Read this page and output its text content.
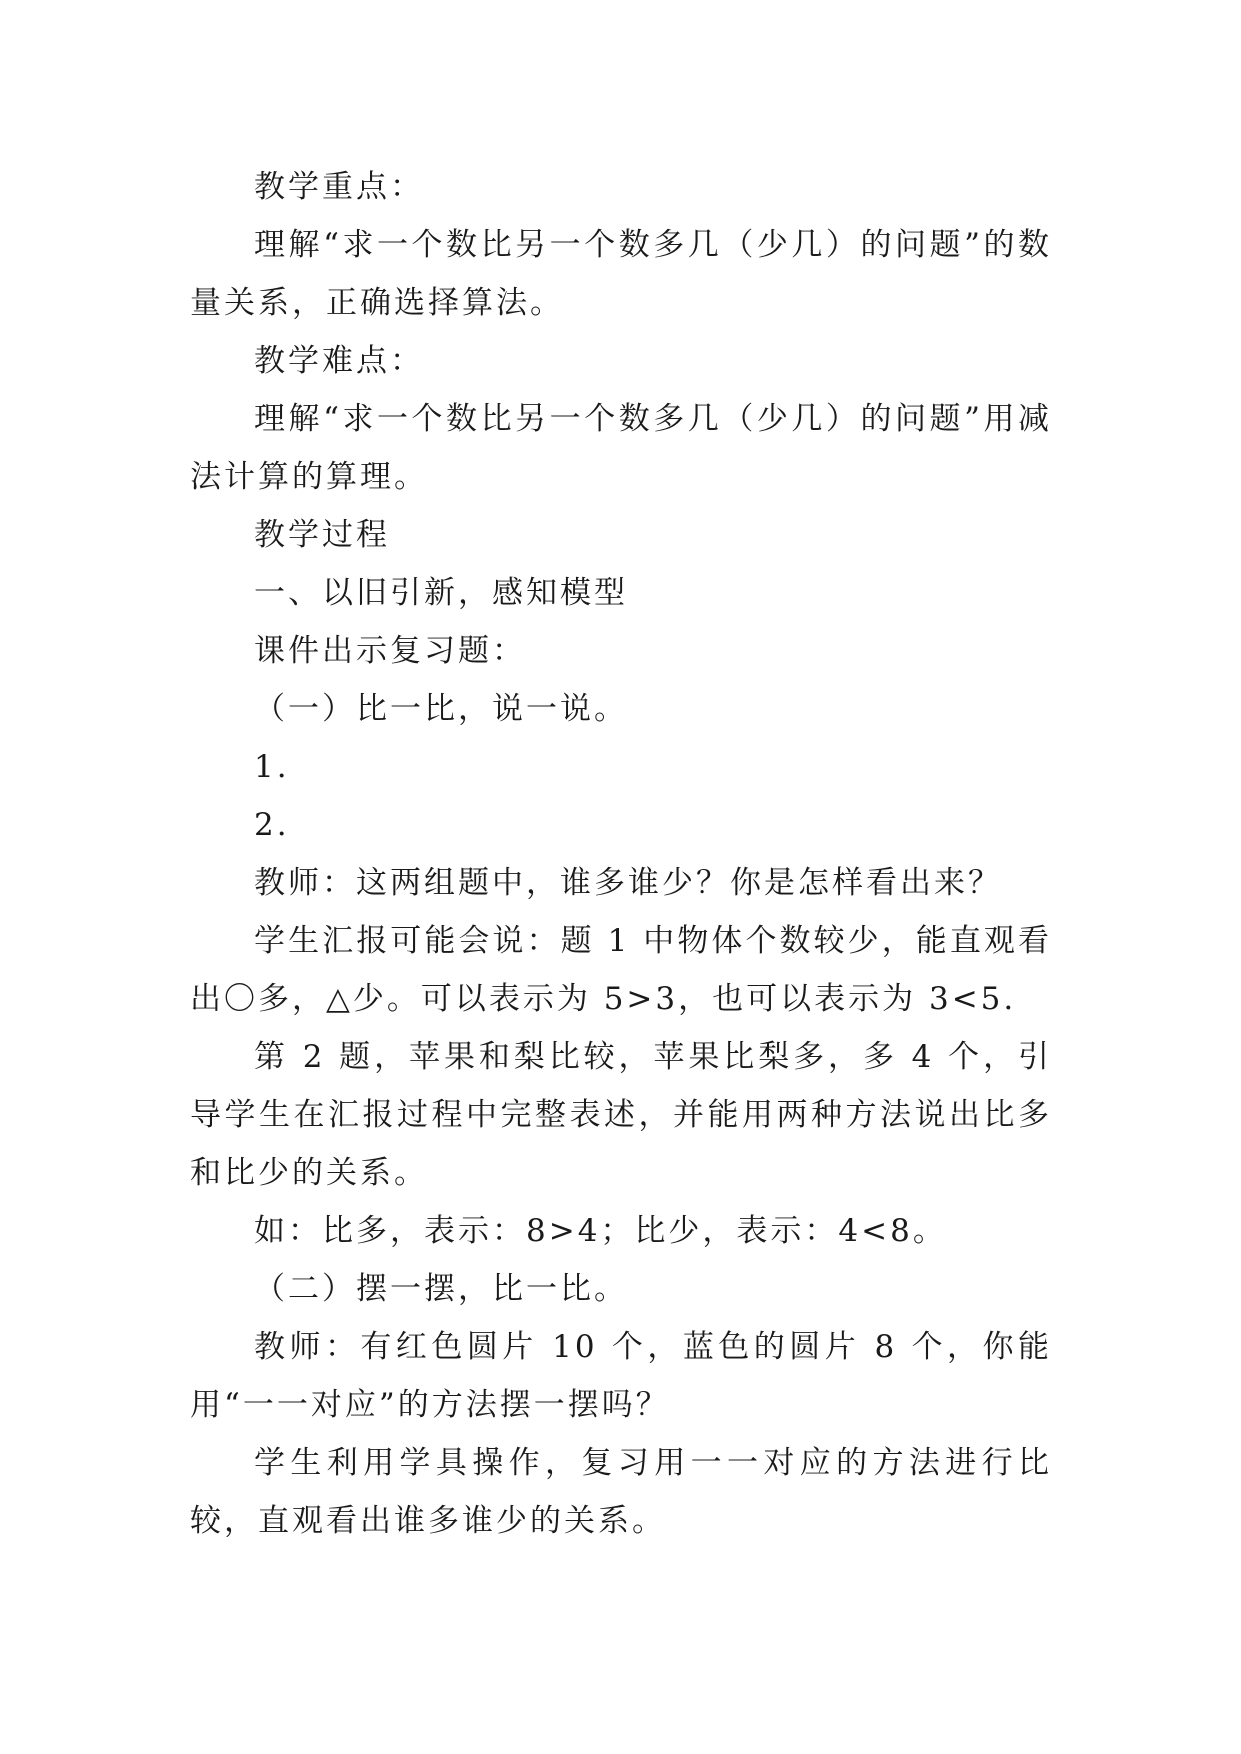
教学重点：

理解“求一个数比另一个数多几（少几）的问题”的数量关系，正确选择算法。

教学难点：

理解“求一个数比另一个数多几（少几）的问题”用减法计算的算理。

教学过程

一、以旧引新，感知模型

课件出示复习题：

（一）比一比，说一说。

1.

2.

教师：这两组题中，谁多谁少？你是怎样看出来？

学生汇报可能会说：题 1 中物体个数较少，能直观看出〇多，△少。可以表示为 5>3，也可以表示为 3<5.

第 2 题，苹果和梨比较，苹果比梨多，多 4 个，引导学生在汇报过程中完整表述，并能用两种方法说出比多和比少的关系。

如：比多，表示：8>4；比少，表示：4<8。

（二）摆一摆，比一比。

教师：有红色圆片 10 个，蓝色的圆片 8 个，你能用“一一对应”的方法摆一摆吗？

学生利用学具操作，复习用一一对应的方法进行比较，直观看出谁多谁少的关系。
